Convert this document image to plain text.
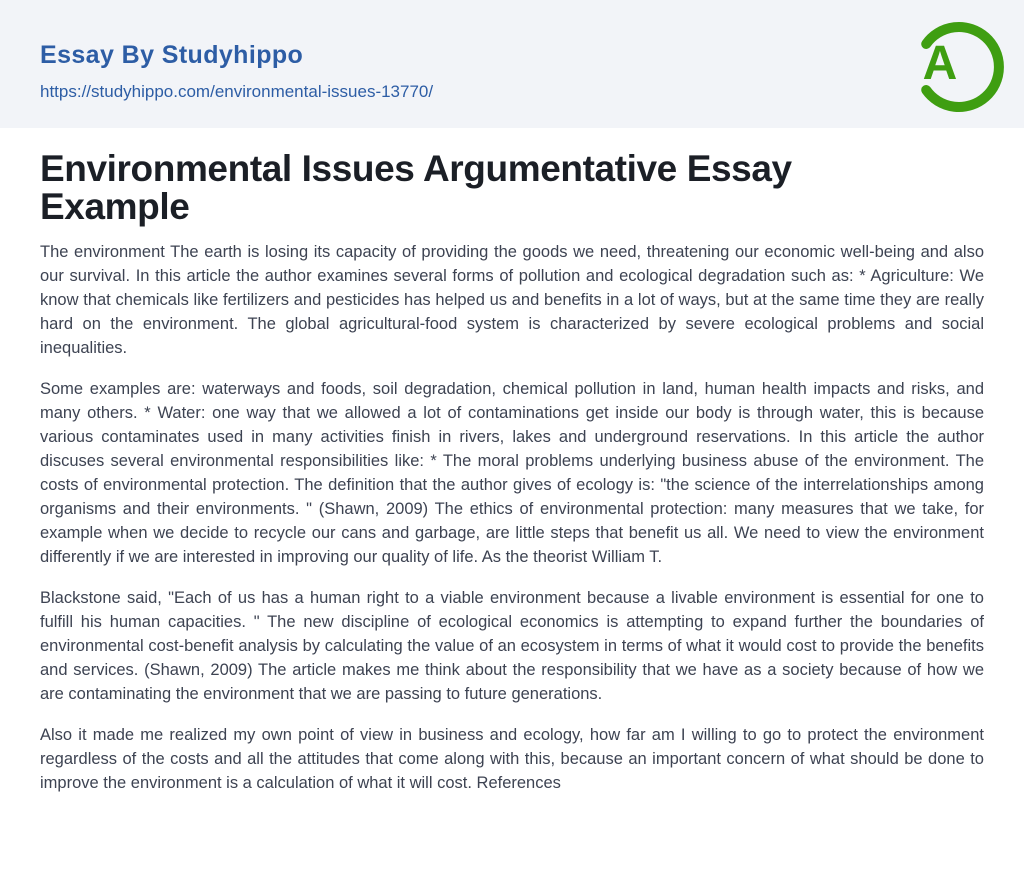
Essay By Studyhippo
https://studyhippo.com/environmental-issues-13770/
A
Environmental Issues Argumentative Essay Example

The environment The earth is losing its capacity of providing the goods we need, threatening our economic well-being and also our survival. In this article the author examines several forms of pollution and ecological degradation such as: * Agriculture: We know that chemicals like fertilizers and pesticides has helped us and benefits in a lot of ways, but at the same time they are really hard on the environment. The global agricultural-food system is characterized by severe ecological problems and social inequalities.

Some examples are: waterways and foods, soil degradation, chemical pollution in land, human health impacts and risks, and many others. * Water: one way that we allowed a lot of contaminations get inside our body is through water, this is because various contaminates used in many activities finish in rivers, lakes and underground reservations. In this article the author discuses several environmental responsibilities like: * The moral problems underlying business abuse of the environment. The costs of environmental protection. The definition that the author gives of ecology is: "the science of the interrelationships among organisms and their environments. " (Shawn, 2009) The ethics of environmental protection: many measures that we take, for example when we decide to recycle our cans and garbage, are little steps that benefit us all. We need to view the environment differently if we are interested in improving our quality of life. As the theorist William T.

Blackstone said, "Each of us has a human right to a viable environment because a livable environment is essential for one to fulfill his human capacities. " The new discipline of ecological economics is attempting to expand further the boundaries of environmental cost-benefit analysis by calculating the value of an ecosystem in terms of what it would cost to provide the benefits and services. (Shawn, 2009) The article makes me think about the responsibility that we have as a society because of how we are contaminating the environment that we are passing to future generations.

Also it made me realized my own point of view in business and ecology, how far am I willing to go to protect the environment regardless of the costs and all the attitudes that come along with this, because an important concern of what should be done to improve the environment is a calculation of what it will cost. References
